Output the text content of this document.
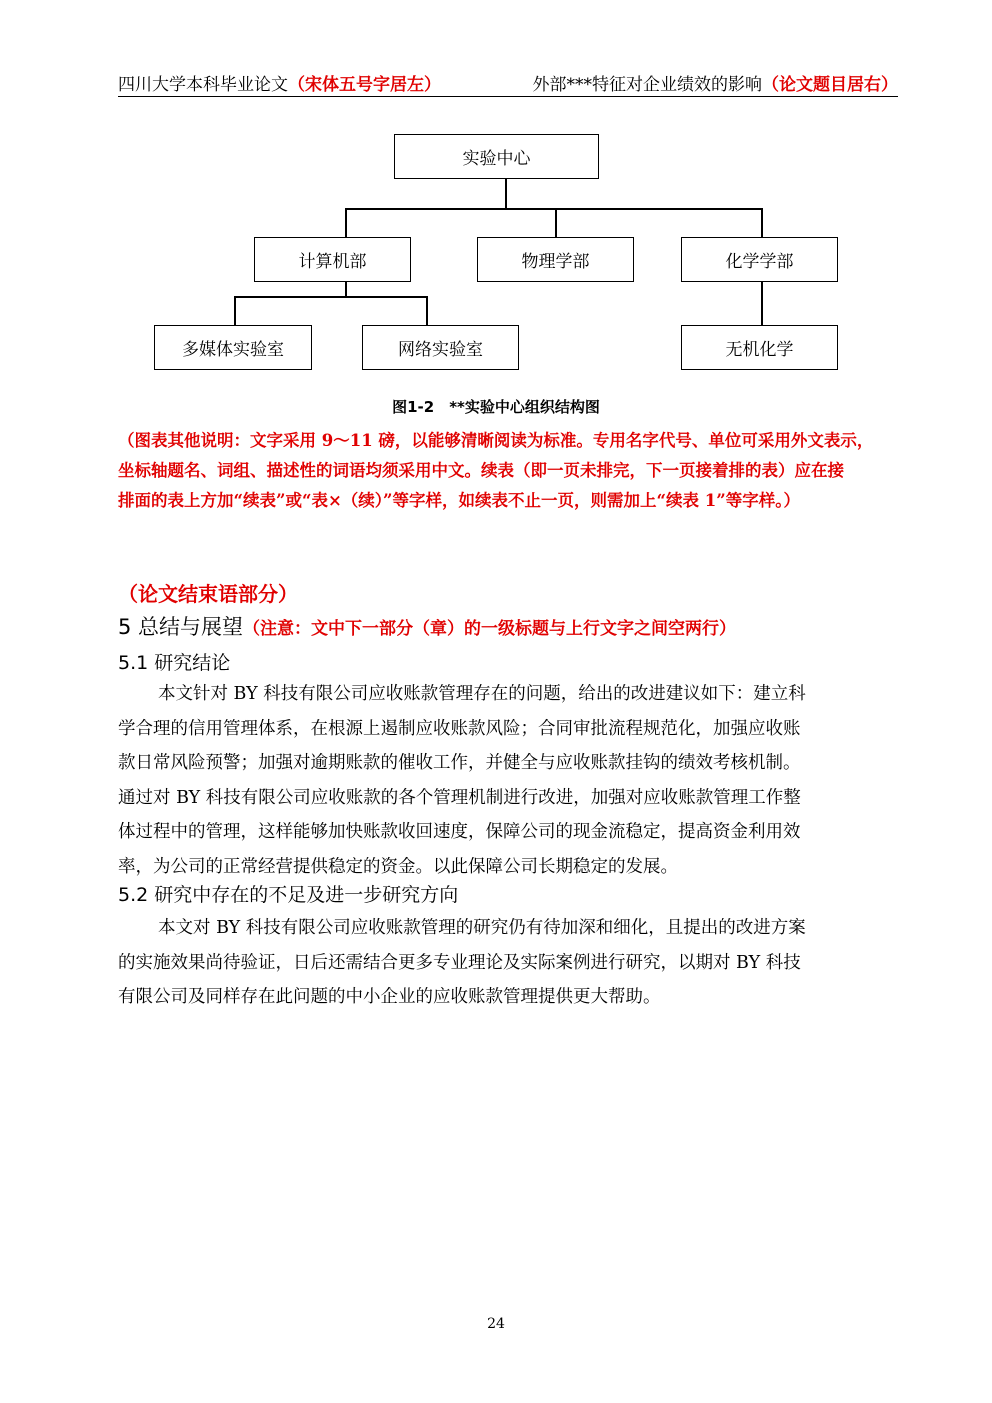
四川大学本科毕业论文（宋体五号字居左）	外部***特征对企业绩效的影响（论文题目居右）
实验中心
计算机部	物理学部	化学学部
多媒体实验室	网络实验室	无机化学
图1-2　**实验中心组织结构图

（图表其他说明：文字采用 9～11 磅，以能够清晰阅读为标准。专用名字代号、单位可采用外文表示，

坐标轴题名、词组、描述性的词语均须采用中文。续表（即一页未排完，下一页接着排的表）应在接

排面的表上方加“续表”或“表×（续）”等字样，如续表不止一页，则需加上“续表 1”等字样。）

（论文结束语部分）
5 总结与展望（注意：文中下一部分（章）的一级标题与上行文字之间空两行）
5.1 研究结论

本文针对 BY 科技有限公司应收账款管理存在的问题，给出的改进建议如下：建立科

学合理的信用管理体系，在根源上遏制应收账款风险；合同审批流程规范化，加强应收账

款日常风险预警；加强对逾期账款的催收工作，并健全与应收账款挂钩的绩效考核机制。

通过对 BY 科技有限公司应收账款的各个管理机制进行改进，加强对应收账款管理工作整

体过程中的管理，这样能够加快账款收回速度，保障公司的现金流稳定，提高资金利用效

率，为公司的正常经营提供稳定的资金。以此保障公司长期稳定的发展。

5.2 研究中存在的不足及进一步研究方向

本文对 BY 科技有限公司应收账款管理的研究仍有待加深和细化，且提出的改进方案

的实施效果尚待验证，日后还需结合更多专业理论及实际案例进行研究，以期对 BY 科技

有限公司及同样存在此问题的中小企业的应收账款管理提供更大帮助。

24
